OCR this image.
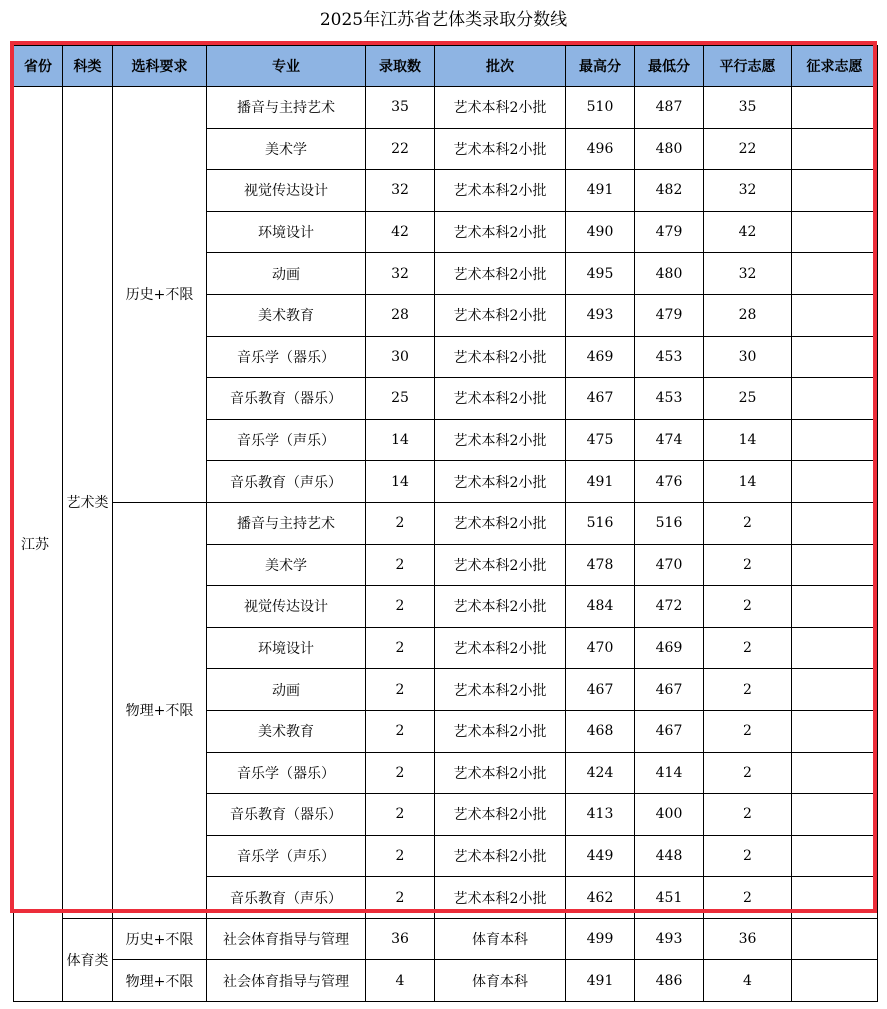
2025年江苏省艺体类录取分数线
省份	科类	选科要求	专业	录取数	批次	最高分	最低分	平行志愿	征求志愿
江苏	艺术类	历史+不限	播音与主持艺术	35	艺术本科2小批	510	487	35	
			美术学	22	艺术本科2小批	496	480	22	
			视觉传达设计	32	艺术本科2小批	491	482	32	
			环境设计	42	艺术本科2小批	490	479	42	
			动画	32	艺术本科2小批	495	480	32	
			美术教育	28	艺术本科2小批	493	479	28	
			音乐学（器乐）	30	艺术本科2小批	469	453	30	
			音乐教育（器乐）	25	艺术本科2小批	467	453	25	
			音乐学（声乐）	14	艺术本科2小批	475	474	14	
			音乐教育（声乐）	14	艺术本科2小批	491	476	14	
		物理+不限	播音与主持艺术	2	艺术本科2小批	516	516	2	
			美术学	2	艺术本科2小批	478	470	2	
			视觉传达设计	2	艺术本科2小批	484	472	2	
			环境设计	2	艺术本科2小批	470	469	2	
			动画	2	艺术本科2小批	467	467	2	
			美术教育	2	艺术本科2小批	468	467	2	
			音乐学（器乐）	2	艺术本科2小批	424	414	2	
			音乐教育（器乐）	2	艺术本科2小批	413	400	2	
			音乐学（声乐）	2	艺术本科2小批	449	448	2	
			音乐教育（声乐）	2	艺术本科2小批	462	451	2	
	体育类	历史+不限	社会体育指导与管理	36	体育本科	499	493	36	
		物理+不限	社会体育指导与管理	4	体育本科	491	486	4	
